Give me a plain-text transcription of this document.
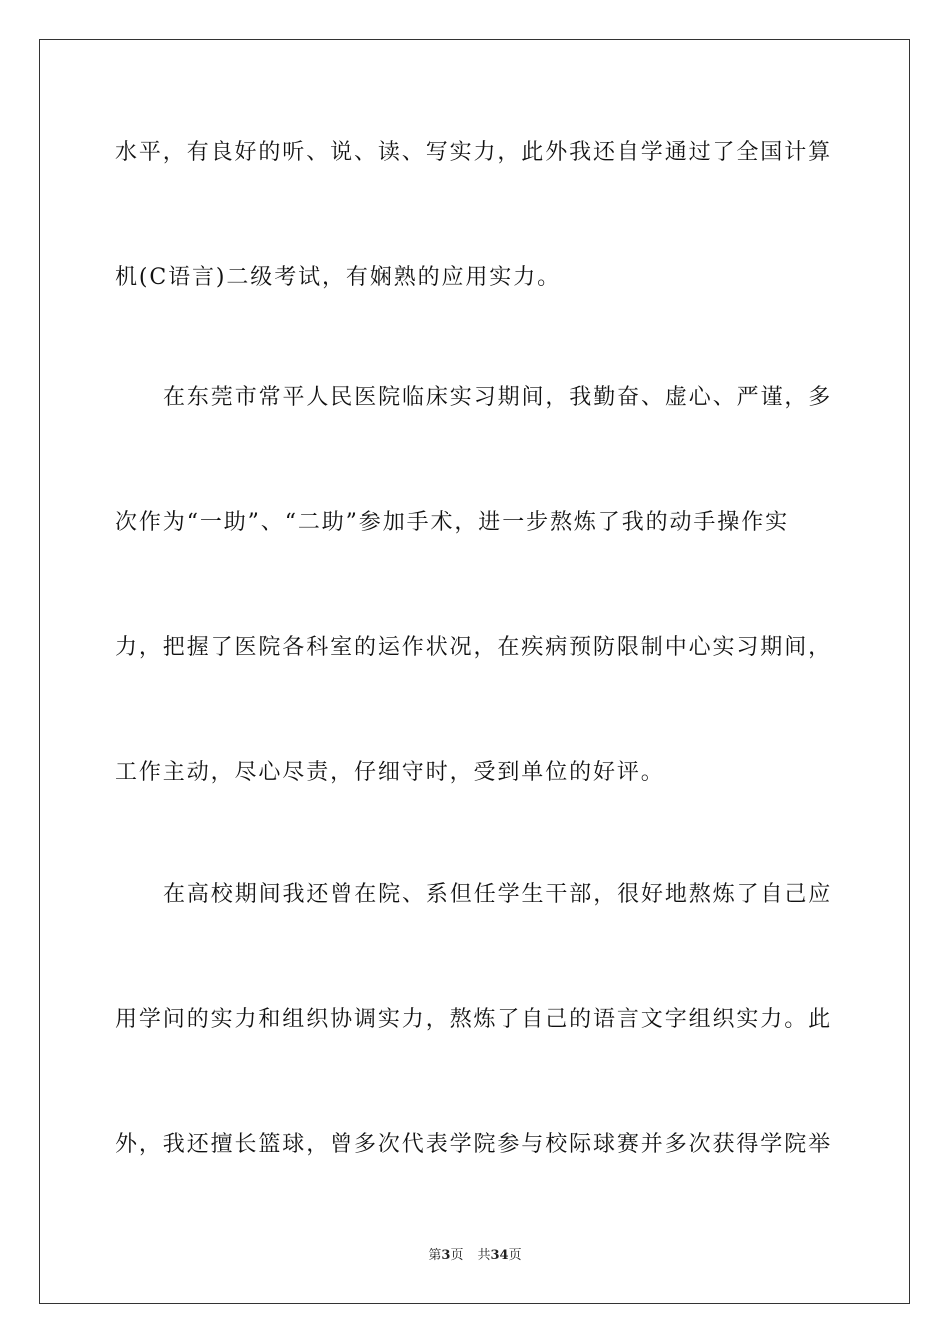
水平，有良好的听、说、读、写实力，此外我还自学通过了全国计算
机(C语言)二级考试，有娴熟的应用实力。
在东莞市常平人民医院临床实习期间，我勤奋、虚心、严谨，多
次作为“一助”、“二助”参加手术，进一步熬炼了我的动手操作实
力，把握了医院各科室的运作状况，在疾病预防限制中心实习期间，
工作主动，尽心尽责，仔细守时，受到单位的好评。
在高校期间我还曾在院、系但任学生干部，很好地熬炼了自己应
用学问的实力和组织协调实力，熬炼了自己的语言文字组织实力。此
外，我还擅长篮球，曾多次代表学院参与校际球赛并多次获得学院举
第3页 共34页
